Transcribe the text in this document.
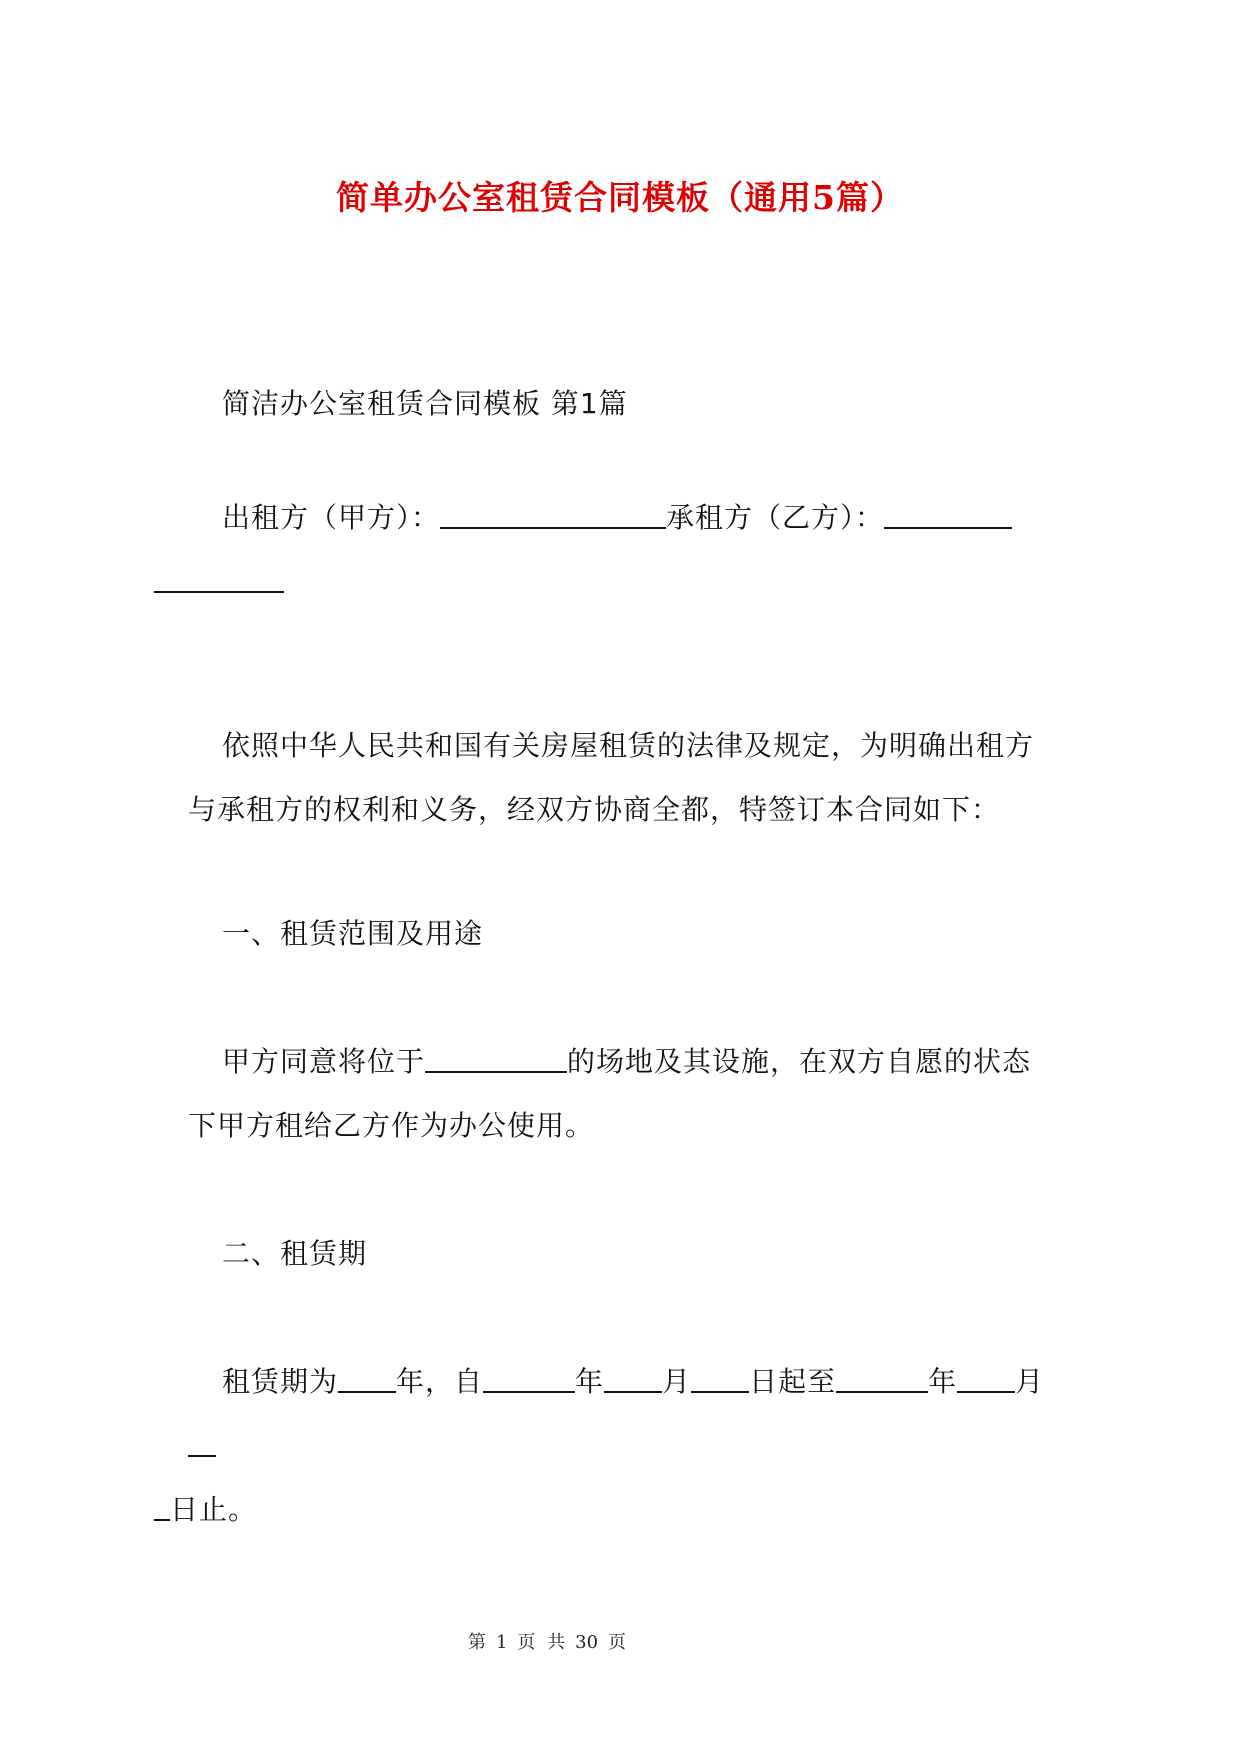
简单办公室租赁合同模板（通用5篇）
简洁办公室租赁合同模板 第1篇
出租方（甲方）：	承租方（乙方）：

依照中华人民共和国有关房屋租赁的法律及规定，为明确出租方与承租方的权利和义务，经双方协商全都，特签订本合同如下：
一、租赁范围及用途
甲方同意将位于	的场地及其设施，在双方自愿的状态下甲方租给乙方作为办公使用。
二、租赁期
租赁期为 年，自	年 月 日起至	年 月
日止。
第 1 页 共 30 页
